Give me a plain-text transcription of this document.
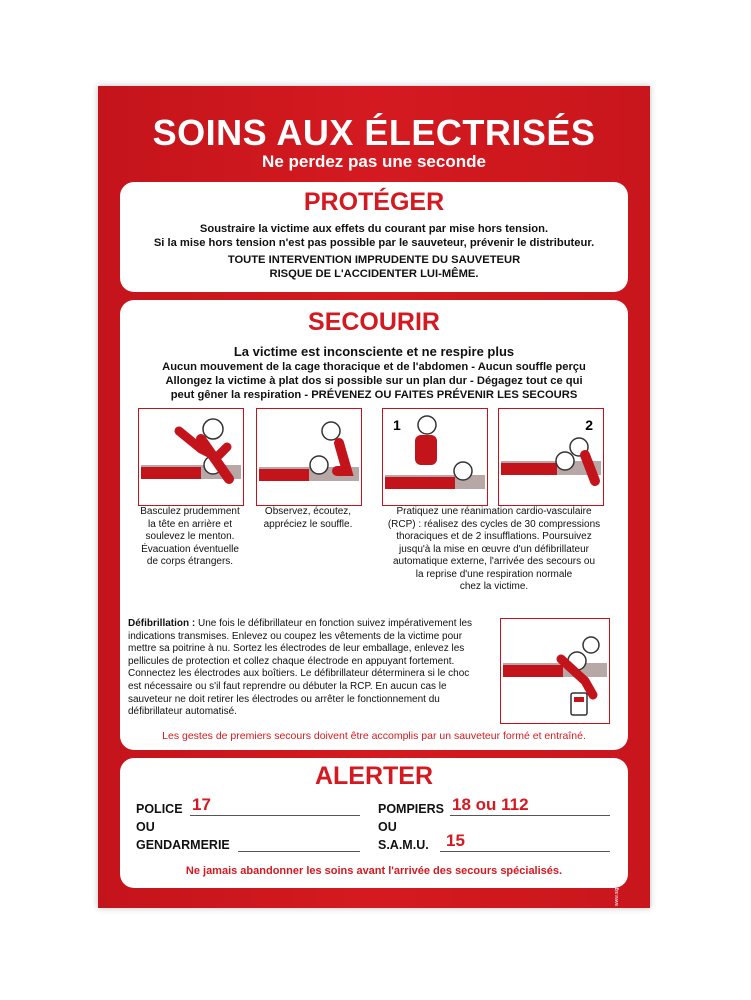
SOINS AUX ÉLECTRISÉS
Ne perdez pas une seconde
PROTÉGER
Soustraire la victime aux effets du courant par mise hors tension.
Si la mise hors tension n'est pas possible par le sauveteur, prévenir le distributeur.
TOUTE INTERVENTION IMPRUDENTE DU SAUVETEUR
RISQUE DE L'ACCIDENTER LUI-MÊME.
SECOURIR
La victime est inconsciente et ne respire plus
Aucun mouvement de la cage thoracique et de l'abdomen - Aucun souffle perçu
Allongez la victime à plat dos si possible sur un plan dur - Dégagez tout ce qui
peut gêner la respiration - PRÉVENEZ OU FAITES PRÉVENIR LES SECOURS
1	2
Basculez prudemment
la tête en arrière et
soulevez le menton.
Évacuation éventuelle
de corps étrangers.
Observez, écoutez,
appréciez le souffle.
Pratiquez une réanimation cardio-vasculaire
(RCP) : réalisez des cycles de 30 compressions
thoraciques et de 2 insufflations. Poursuivez
jusqu'à la mise en œuvre d'un défibrillateur
automatique externe, l'arrivée des secours ou
la reprise d'une respiration normale
chez la victime.
Défibrillation : Une fois le défibrillateur en fonction suivez impérativement les
indications transmises. Enlevez ou coupez les vêtements de la victime pour
mettre sa poitrine à nu. Sortez les électrodes de leur emballage, enlevez les
pellicules de protection et collez chaque électrode en appuyant fortement.
Connectez les électrodes aux boîtiers. Le défibrillateur déterminera si le choc
est nécessaire ou s'il faut reprendre ou débuter la RCP. En aucun cas le
sauveteur ne doit retirer les électrodes ou arrêter le fonctionnement du
défibrillateur automatisé.
Les gestes de premiers secours doivent être accomplis par un sauveteur formé et entraîné.
ALERTER
POLICE 17
OU
GENDARMERIE
POMPIERS 18 ou 112
OU
S.A.M.U. 15
Ne jamais abandonner les soins avant l'arrivée des secours spécialisés.	www.signaletique.fr · 01 64 20 19 85
